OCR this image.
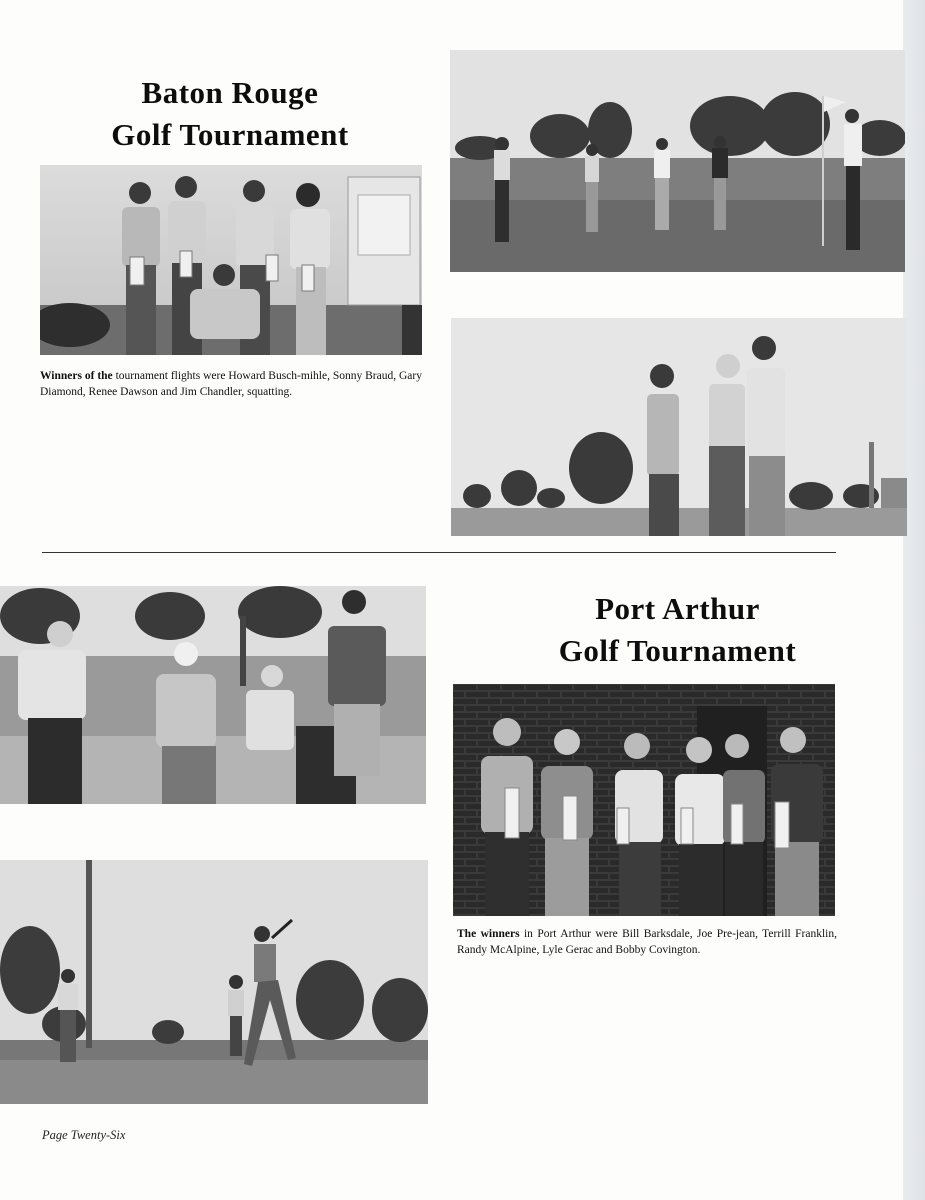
Baton Rouge
Golf Tournament

Winners of the tournament flights were Howard Busch-mihle, Sonny Braud, Gary Diamond, Renee Dawson and Jim Chandler, squatting.

Port Arthur
Golf Tournament

The winners in Port Arthur were Bill Barksdale, Joe Pre-jean, Terrill Franklin, Randy McAlpine, Lyle Gerac and Bobby Covington.

Page Twenty-Six
